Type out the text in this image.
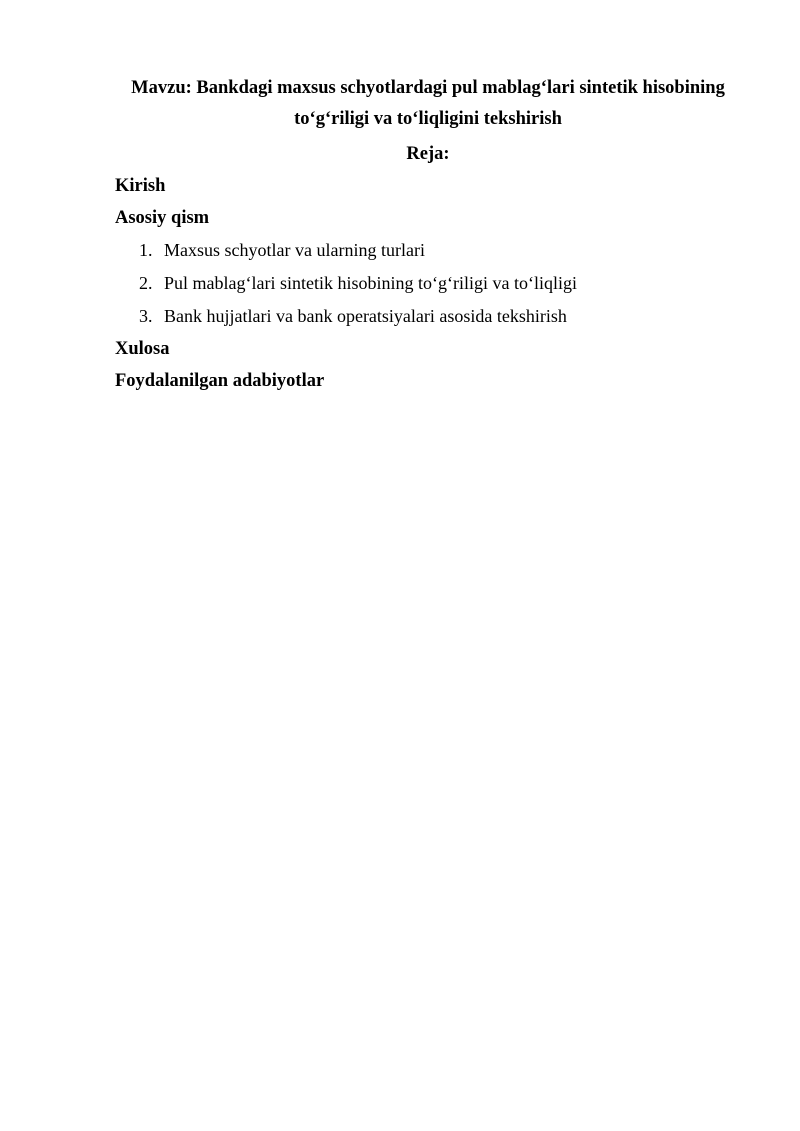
Mavzu: Bankdagi maxsus schyotlardagi pul mablag‘lari sintetik hisobining

to‘g‘riligi va to‘liqligini tekshirish

Reja:

Kirish

Asosiy qism

1. Maxsus schyotlar va ularning turlari
2. Pul mablag‘lari sintetik hisobining to‘g‘riligi va to‘liqligi
3. Bank hujjatlari va bank operatsiyalari asosida tekshirish

Xulosa

Foydalanilgan adabiyotlar
